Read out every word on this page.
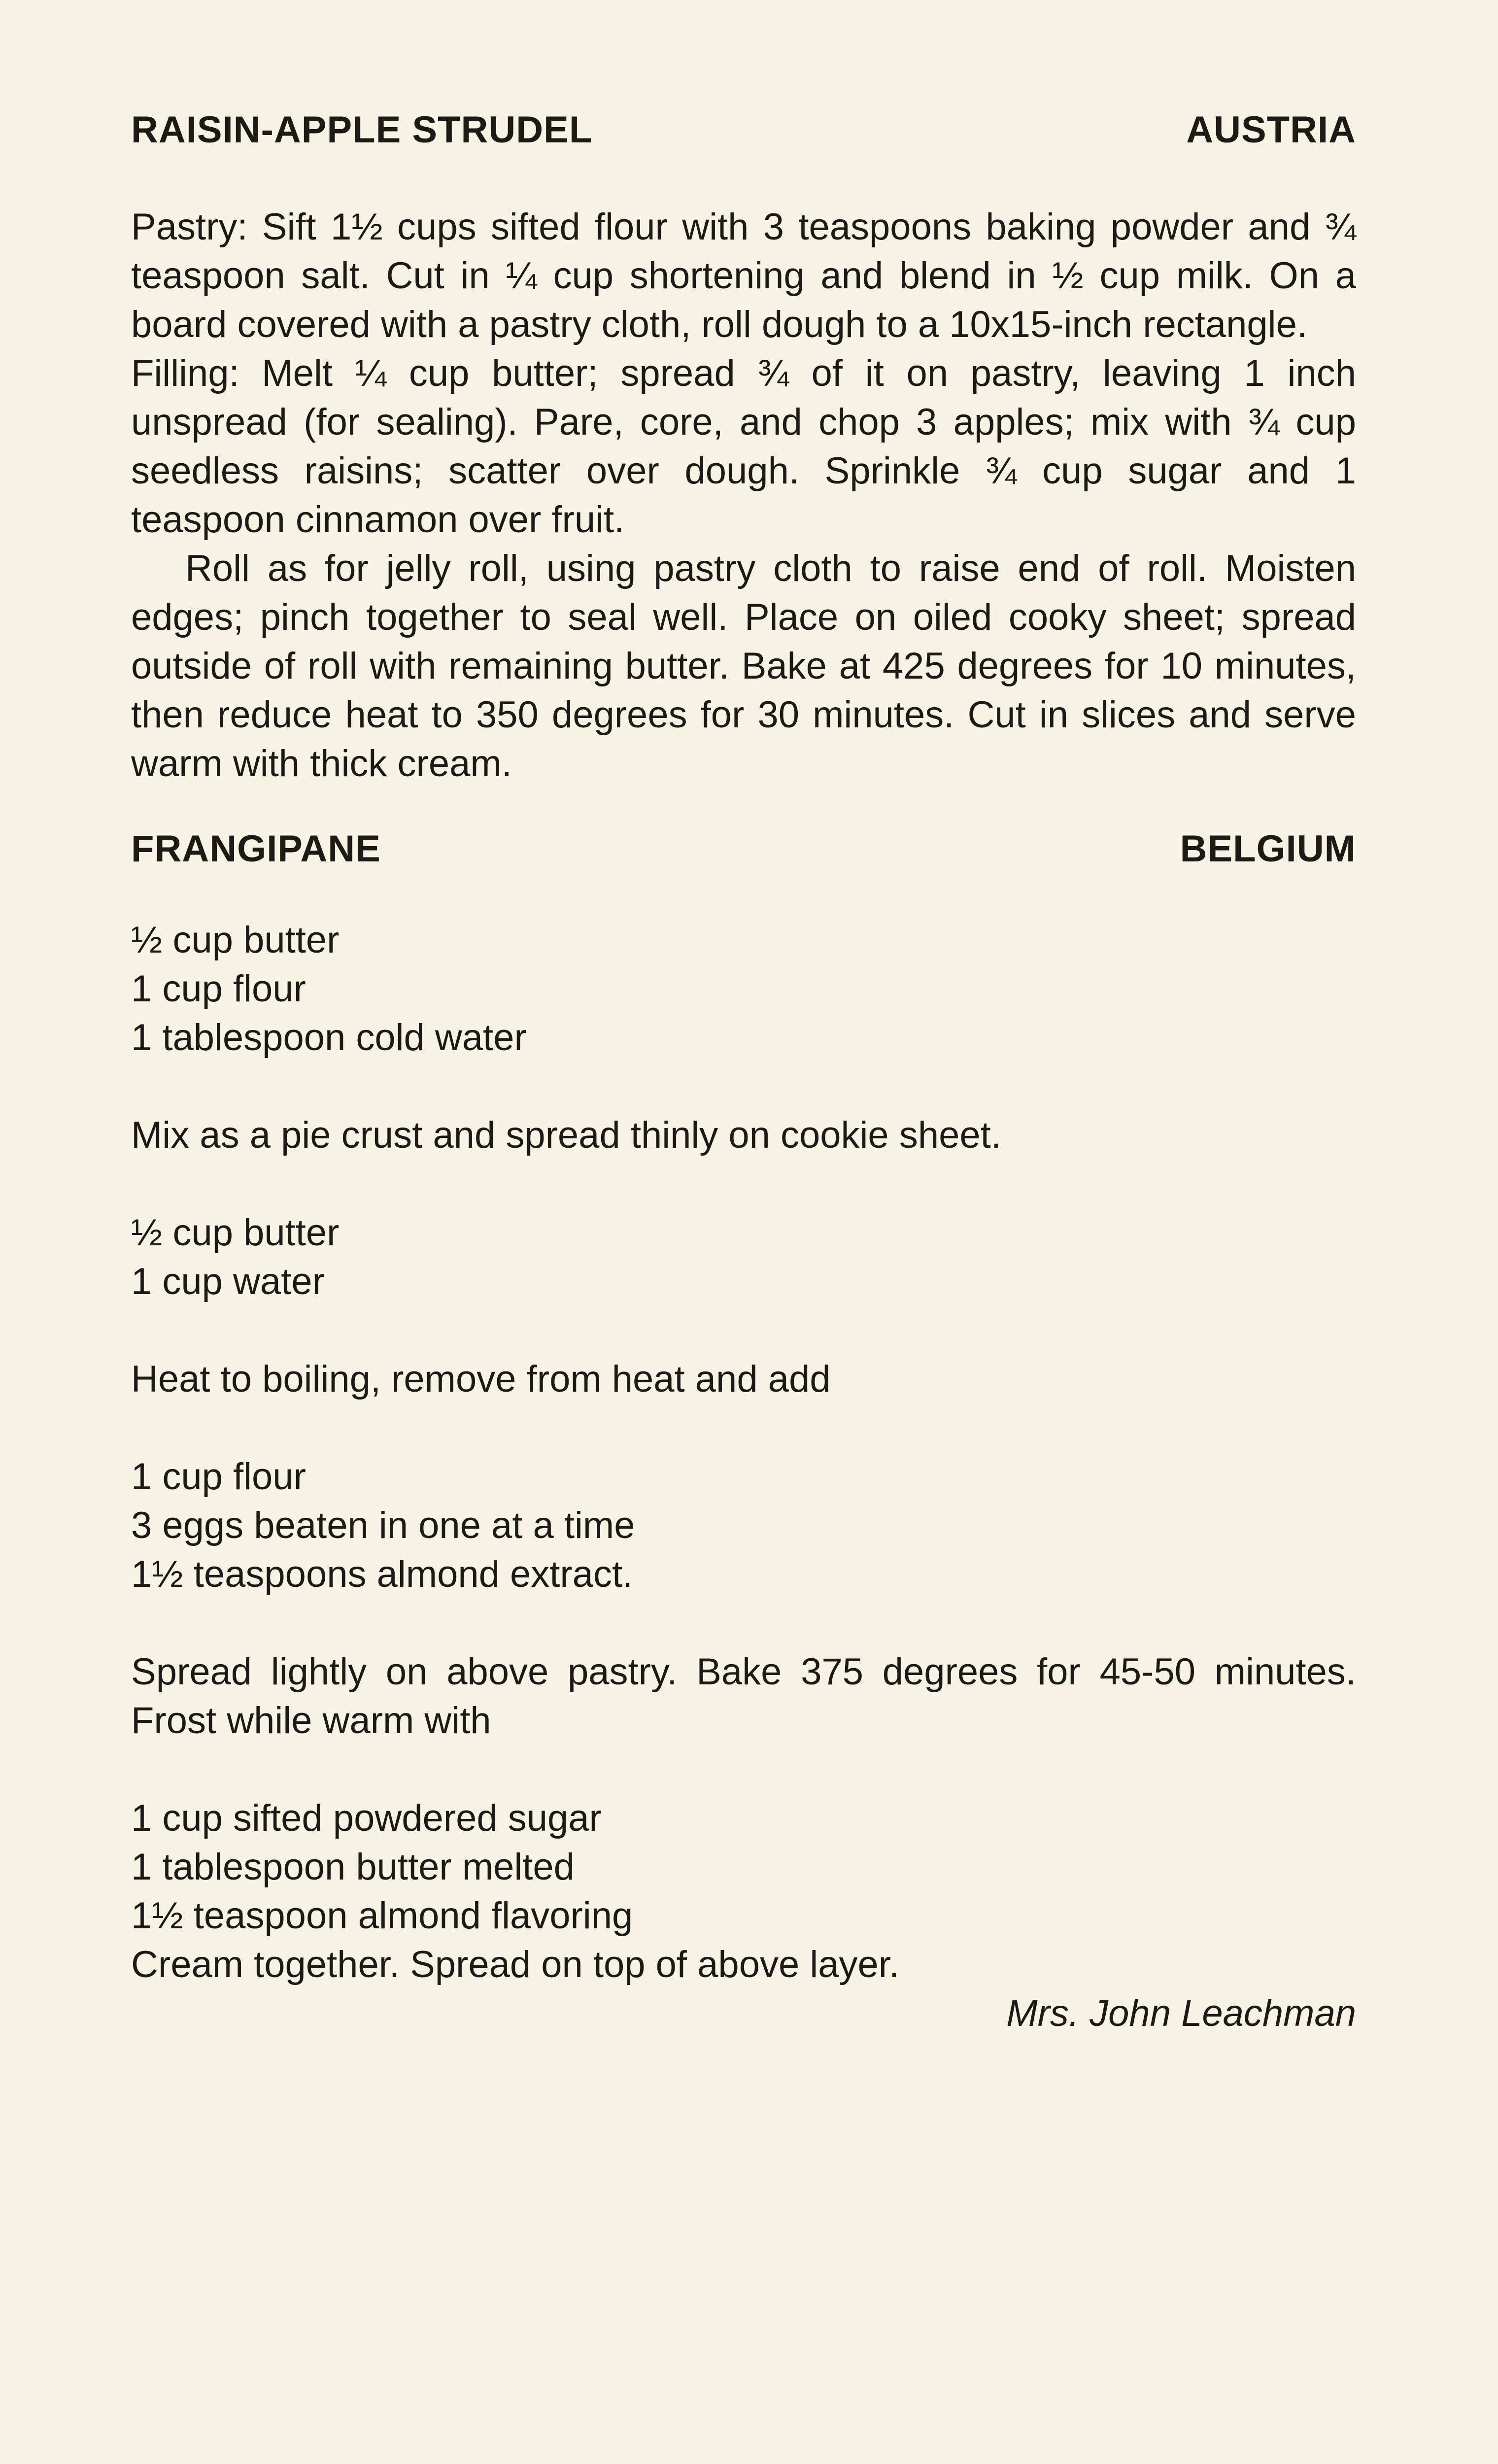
RAISIN-APPLE STRUDEL	AUSTRIA

Pastry: Sift 1½ cups sifted flour with 3 teaspoons baking powder and ¾ teaspoon salt. Cut in ¼ cup shortening and blend in ½ cup milk. On a board covered with a pastry cloth, roll dough to a 10x15-inch rectangle.

Filling: Melt ¼ cup butter; spread ¾ of it on pastry, leaving 1 inch unspread (for sealing). Pare, core, and chop 3 apples; mix with ¾ cup seedless raisins; scatter over dough. Sprinkle ¾ cup sugar and 1 teaspoon cinnamon over fruit.

Roll as for jelly roll, using pastry cloth to raise end of roll. Moisten edges; pinch together to seal well. Place on oiled cooky sheet; spread outside of roll with remaining butter. Bake at 425 degrees for 10 minutes, then reduce heat to 350 degrees for 30 minutes. Cut in slices and serve warm with thick cream.

FRANGIPANE	BELGIUM
½ cup butter
1 cup flour
1 tablespoon cold water
Mix as a pie crust and spread thinly on cookie sheet.
½ cup butter
1 cup water
Heat to boiling, remove from heat and add
1 cup flour
3 eggs beaten in one at a time
1½ teaspoons almond extract.

Spread lightly on above pastry. Bake 375 degrees for 45-50 minutes. Frost while warm with

1 cup sifted powdered sugar
1 tablespoon butter melted
1½ teaspoon almond flavoring
Cream together. Spread on top of above layer.
Mrs. John Leachman
